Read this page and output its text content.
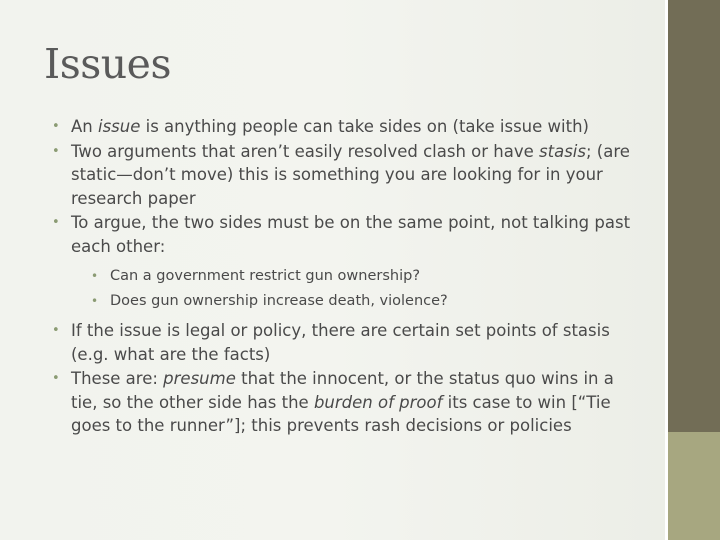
Issues
• An issue is anything people can take sides on (take issue with)
• Two arguments that aren’t easily resolved clash or have stasis; (are static—don’t move) this is something you are looking for in your research paper
• To argue, the two sides must be on the same point, not talking past each other:
• Can a government restrict gun ownership?
• Does gun ownership increase death, violence?
• If the issue is legal or policy, there are certain set points of stasis (e.g. what are the facts)
• These are: presume that the innocent, or the status quo wins in a tie, so the other side has the burden of proof its case to win [“Tie goes to the runner”]; this prevents rash decisions or policies
